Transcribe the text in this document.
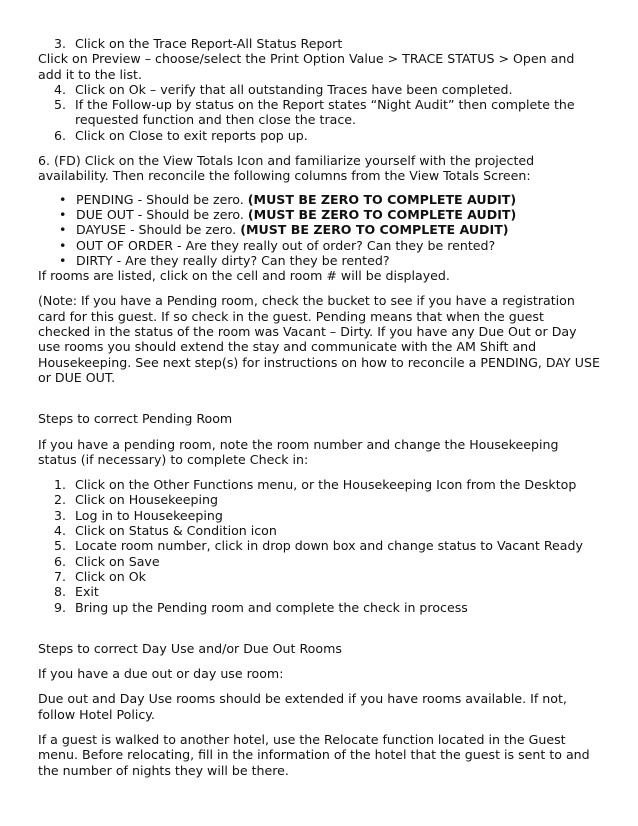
3. Click on the Trace Report-All Status Report

Click on Preview – choose/select the Print Option Value > TRACE STATUS > Open and add it to the list.

4. Click on Ok – verify that all outstanding Traces have been completed.
5. If the Follow-up by status on the Report states “Night Audit” then complete the requested function and then close the trace.
6. Click on Close to exit reports pop up.

6. (FD) Click on the View Totals Icon and familiarize yourself with the projected availability. Then reconcile the following columns from the View Totals Screen:

• PENDING - Should be zero. (MUST BE ZERO TO COMPLETE AUDIT)
• DUE OUT - Should be zero. (MUST BE ZERO TO COMPLETE AUDIT)
• DAYUSE - Should be zero. (MUST BE ZERO TO COMPLETE AUDIT)
• OUT OF ORDER - Are they really out of order? Can they be rented?
• DIRTY - Are they really dirty? Can they be rented?

If rooms are listed, click on the cell and room # will be displayed.

(Note: If you have a Pending room, check the bucket to see if you have a registration card for this guest. If so check in the guest. Pending means that when the guest checked in the status of the room was Vacant – Dirty. If you have any Due Out or Day use rooms you should extend the stay and communicate with the AM Shift and Housekeeping. See next step(s) for instructions on how to reconcile a PENDING, DAY USE or DUE OUT.

Steps to correct Pending Room

If you have a pending room, note the room number and change the Housekeeping status (if necessary) to complete Check in:

1. Click on the Other Functions menu, or the Housekeeping Icon from the Desktop
2. Click on Housekeeping
3. Log in to Housekeeping
4. Click on Status & Condition icon
5. Locate room number, click in drop down box and change status to Vacant Ready
6. Click on Save
7. Click on Ok
8. Exit
9. Bring up the Pending room and complete the check in process

Steps to correct Day Use and/or Due Out Rooms

If you have a due out or day use room:

Due out and Day Use rooms should be extended if you have rooms available. If not, follow Hotel Policy.

If a guest is walked to another hotel, use the Relocate function located in the Guest menu. Before relocating, fill in the information of the hotel that the guest is sent to and the number of nights they will be there.
